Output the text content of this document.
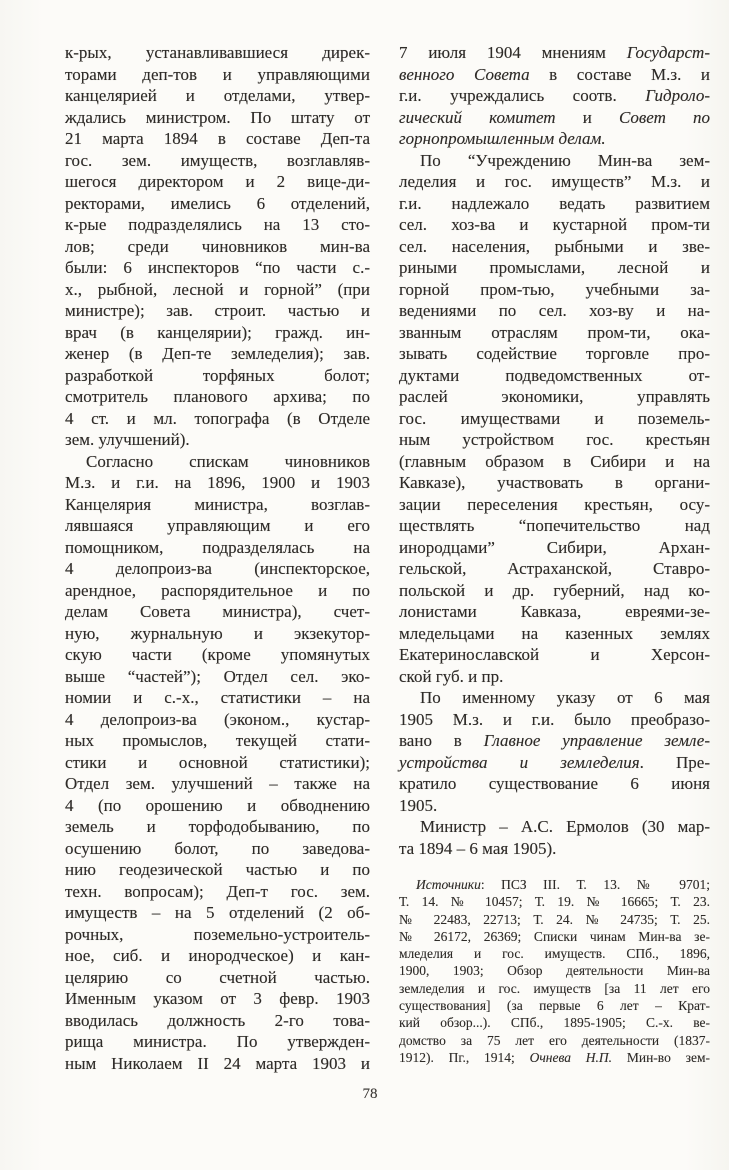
к-рых, устанавливавшиеся дирек-
торами деп-тов и управляющими
канцелярией и отделами, утвер-
ждались министром. По штату от
21 марта 1894 в составе Деп-та
гос. зем. имуществ, возглавляв-
шегося директором и 2 вице-ди-
ректорами, имелись 6 отделений,
к-рые подразделялись на 13 сто-
лов; среди чиновников мин-ва
были: 6 инспекторов “по части с.-
х., рыбной, лесной и горной” (при
министре); зав. строит. частью и
врач (в канцелярии); гражд. ин-
женер (в Деп-те земледелия); зав.
разработкой торфяных болот;
смотритель планового архива; по
4 ст. и мл. топографа (в Отделе
зем. улучшений).
Согласно спискам чиновников
М.з. и г.и. на 1896, 1900 и 1903
Канцелярия министра, возглав-
лявшаяся управляющим и его
помощником, подразделялась на
4 делопроиз-ва (инспекторское,
арендное, распорядительное и по
делам Совета министра), счет-
ную, журнальную и экзекутор-
скую части (кроме упомянутых
выше “частей”); Отдел сел. эко-
номии и с.-х., статистики – на
4 делопроиз-ва (эконом., кустар-
ных промыслов, текущей стати-
стики и основной статистики);
Отдел зем. улучшений – также на
4 (по орошению и обводнению
земель и торфодобыванию, по
осушению болот, по заведова-
нию геодезической частью и по
техн. вопросам); Деп-т гос. зем.
имуществ – на 5 отделений (2 об-
рочных, поземельно-устроитель-
ное, сиб. и инородческое) и кан-
целярию со счетной частью.
Именным указом от 3 февр. 1903
вводилась должность 2-го това-
рища министра. По утвержден-
ным Николаем II 24 марта 1903 и
7 июля 1904 мнениям Государст-
венного Совета в составе М.з. и
г.и. учреждались соотв. Гидроло-
гический комитет и Совет по
горнопромышленным делам.
По “Учреждению Мин-ва зем-
леделия и гос. имуществ” М.з. и
г.и. надлежало ведать развитием
сел. хоз-ва и кустарной пром-ти
сел. населения, рыбными и зве-
риными промыслами, лесной и
горной пром-тью, учебными за-
ведениями по сел. хоз-ву и на-
званным отраслям пром-ти, ока-
зывать содействие торговле про-
дуктами подведомственных от-
раслей экономики, управлять
гос. имуществами и поземель-
ным устройством гос. крестьян
(главным образом в Сибири и на
Кавказе), участвовать в органи-
зации переселения крестьян, осу-
ществлять “попечительство над
инородцами” Сибири, Архан-
гельской, Астраханской, Ставро-
польской и др. губерний, над ко-
лонистами Кавказа, евреями-зе-
мледельцами на казенных землях
Екатеринославской и Херсон-
ской губ. и пр.
По именному указу от 6 мая
1905 М.з. и г.и. было преобразо-
вано в Главное управление земле-
устройства и земледелия. Пре-
кратило существование 6 июня
1905.
Министр – А.С. Ермолов (30 мар-
та 1894 – 6 мая 1905).
Источники: ПСЗ III. Т. 13. № 9701;
Т. 14. № 10457; Т. 19. № 16665; Т. 23.
№ 22483, 22713; Т. 24. № 24735; Т. 25.
№ 26172, 26369; Списки чинам Мин-ва зе-
мледелия и гос. имуществ. СПб., 1896,
1900, 1903; Обзор деятельности Мин-ва
земледелия и гос. имуществ [за 11 лет его
существования] (за первые 6 лет – Крат-
кий обзор...). СПб., 1895-1905; С.-х. ве-
домство за 75 лет его деятельности (1837-
1912). Пг., 1914; Очнева Н.П. Мин-во зем-
78
